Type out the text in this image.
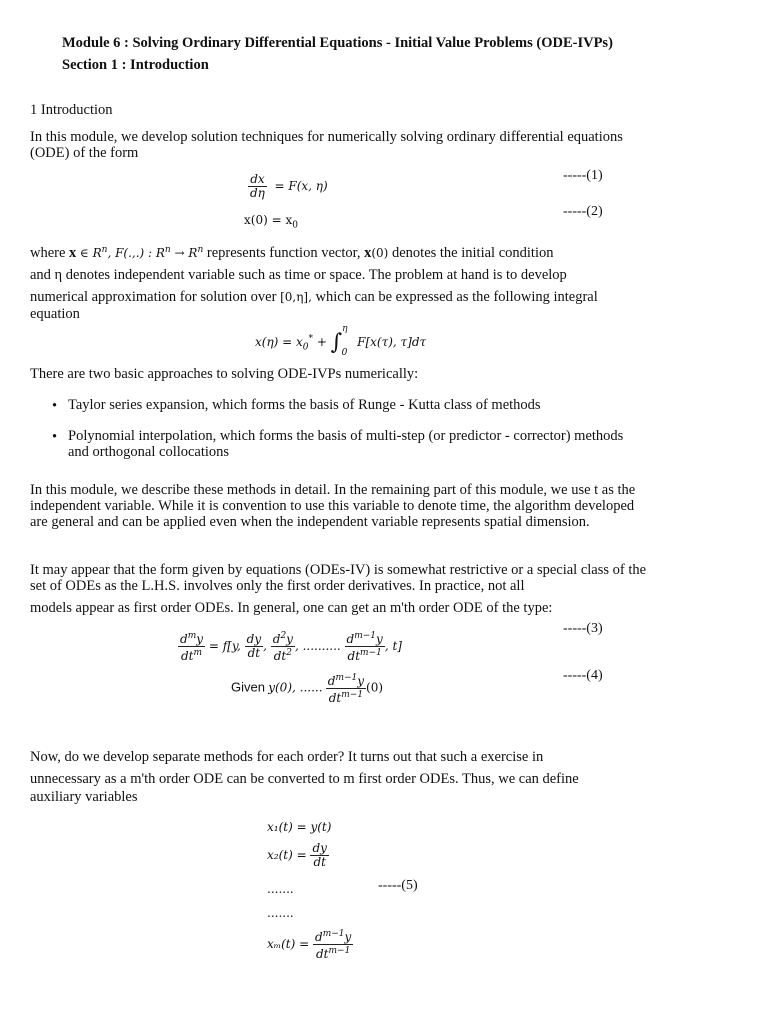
Module 6 : Solving Ordinary Differential Equations - Initial Value Problems (ODE-IVPs)
Section 1 : Introduction
1 Introduction
In this module, we develop solution techniques for numerically solving ordinary differential equations (ODE) of the form
$\frac{dx}{d\eta} = F(x$, η)
-----(1)
$x(0) = x_0$
-----(2)
where x ∈ $R^n$, F(.,.) : $R^n \to R^n$ represents function vector, x(0) denotes the initial condition
and η denotes independent variable such as time or space. The problem at hand is to develop
numerical approximation for solution over [0,η], which can be expressed as the following integral
equation
$x(\eta) = x_0^* + \int^\eta_0$ F[x(τ), τ]dτ
There are two basic approaches to solving ODE-IVPs numerically:
• Taylor series expansion, which forms the basis of Runge - Kutta class of methods
• Polynomial interpolation, which forms the basis of multi-step (or predictor - corrector) methods and orthogonal collocations
In this module, we describe these methods in detail. In the remaining part of this module, we use t as the independent variable. While it is convention to use this variable to denote time, the algorithm developed are general and can be applied even when the independent variable represents spatial dimension.
It may appear that the form given by equations (ODEs-IV) is somewhat restrictive or a special class of the set of ODEs as the L.H.S. involves only the first order derivatives. In practice, not all
models appear as first order ODEs. In general, one can get an m'th order ODE of the type:
$\frac{d^my}{dt^m} = f[y$, $\frac{dy}{dt}$ , $\frac{d^2y}{dt^2}$ , .......... $\frac{d^{m-1}y}{dt^{m-1}}$ , t]
-----(3)
Given y(0), ...... $\frac{d^{m-1}y}{dt^{m-1}} (0)$
-----(4)
Now, do we develop separate methods for each order? It turns out that such a exercise in
unnecessary as a m'th order ODE can be converted to m first order ODEs. Thus, we can define
auxiliary variables
x₁(t) = y(t)
$x_2(t) = \frac{dy}{dt}$
.......	-----(5)
.......
$x_m(t) = \frac{d^{m-1}y}{dt^{m-1}}$
